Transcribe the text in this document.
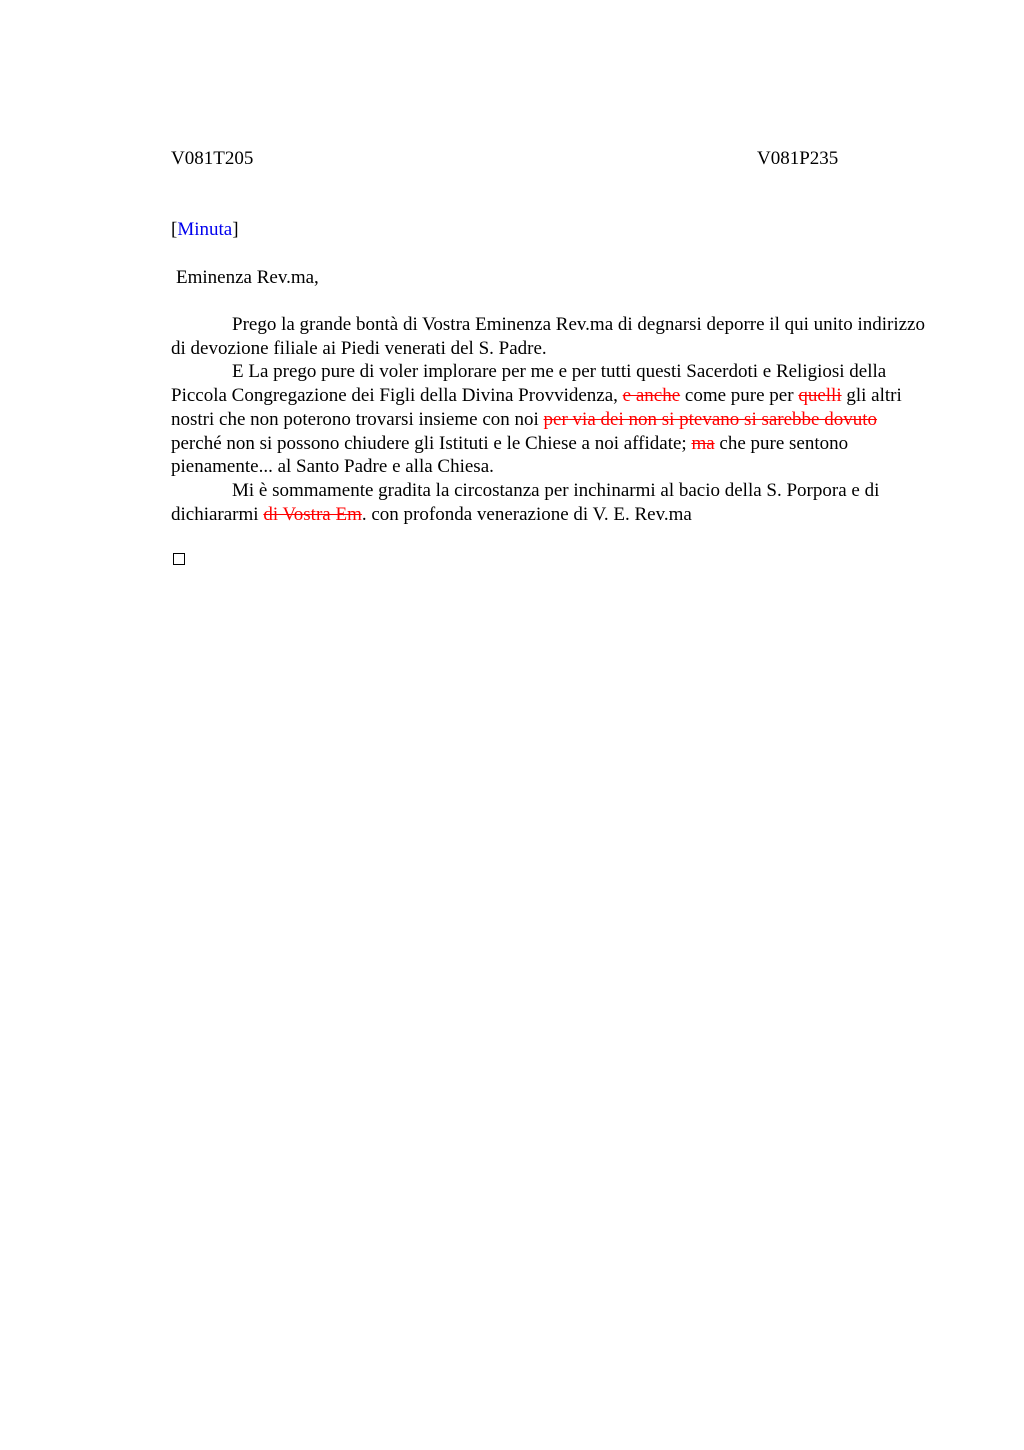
V081T205	V081P235
[Minuta]
Eminenza Rev.ma,

Prego la grande bontà di Vostra Eminenza Rev.ma di degnarsi deporre il qui unito indirizzo di devozione filiale ai Piedi venerati del S. Padre.

E La prego pure di voler implorare per me e per tutti questi Sacerdoti e Religiosi della Piccola Congregazione dei Figli della Divina Provvidenza, e anche come pure per quelli gli altri nostri che non poterono trovarsi insieme con noi per via dei non si ptevano si sarebbe dovuto perché non si possono chiudere gli Istituti e le Chiese a noi affidate; ma che pure sentono pienamente... al Santo Padre e alla Chiesa.

Mi è sommamente gradita la circostanza per inchinarmi al bacio della S. Porpora e di dichiararmi di Vostra Em. con profonda venerazione di V. E. Rev.ma
